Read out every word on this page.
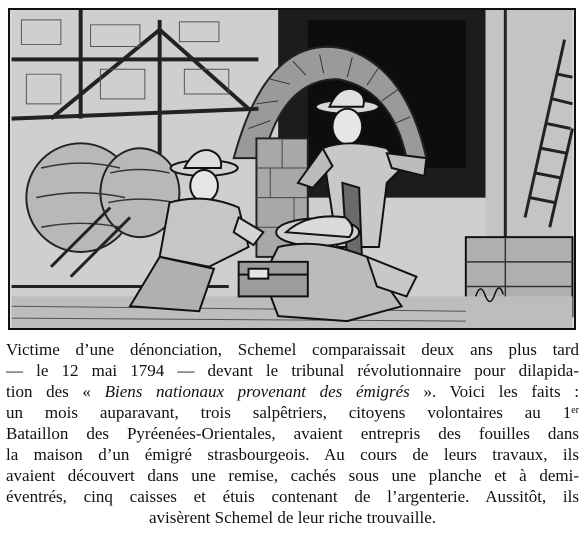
Victime d’une dénonciation, Schemel comparaissait deux ans plus tard
— le 12 mai 1794 — devant le tribunal révolutionnaire pour dilapida-
tion des « Biens nationaux provenant des émigrés ». Voici les faits :
un mois auparavant, trois salpêtriers, citoyens volontaires au 1er
Bataillon des Pyréenées-Orientales, avaient entrepris des fouilles dans
la maison d’un émigré strasbourgeois. Au cours de leurs travaux, ils
avaient découvert dans une remise, cachés sous une planche et à demi-
éventrés, cinq caisses et étuis contenant de l’argenterie. Aussitôt, ils
avisèrent Schemel de leur riche trouvaille.
